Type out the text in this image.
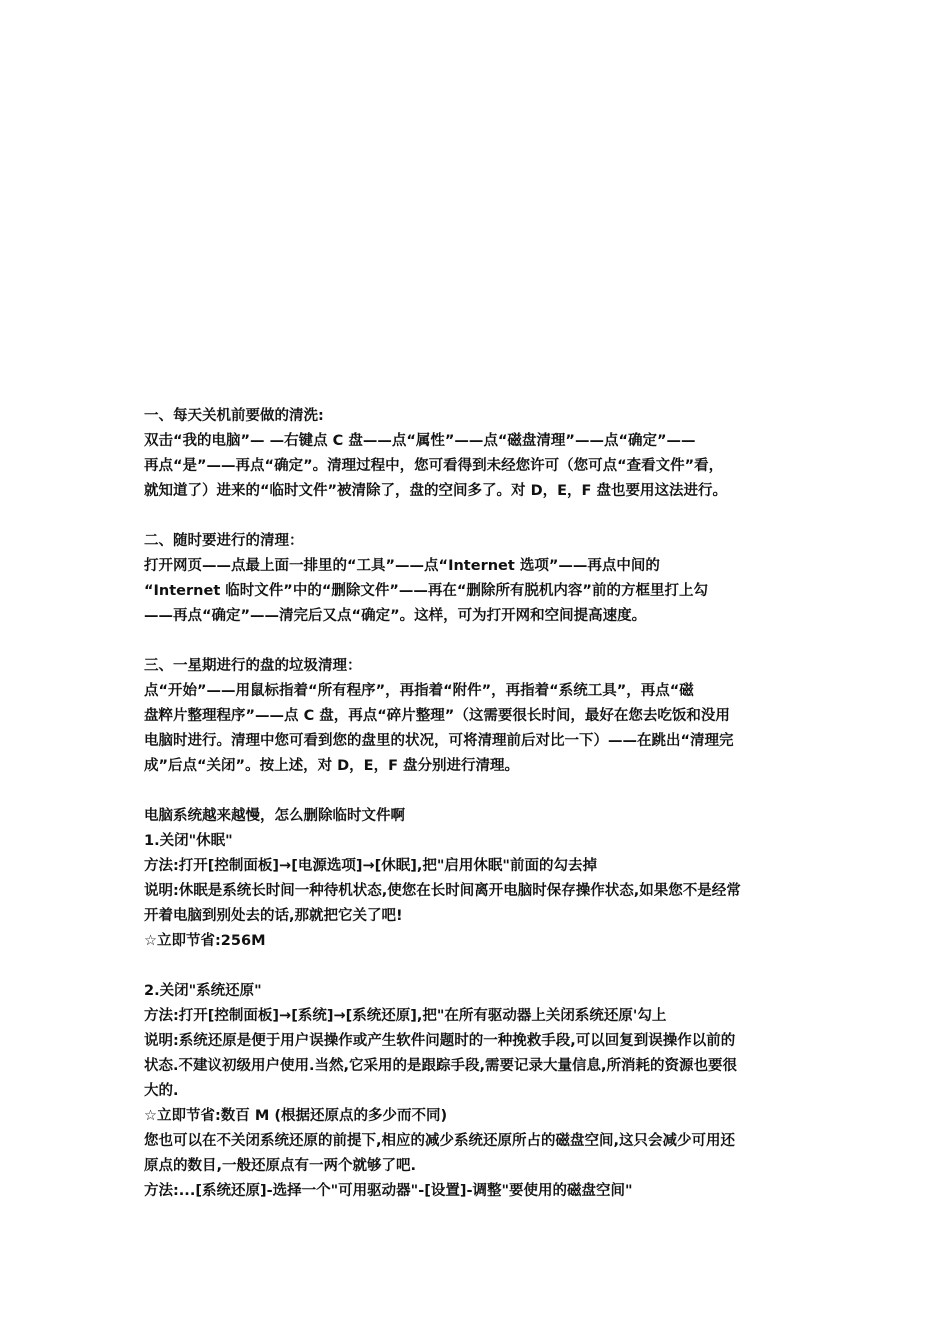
一、每天关机前要做的清洗:
双击“我的电脑”— —右键点 C 盘——点“属性”——点“磁盘清理”——点“确定”——
再点“是”——再点“确定”。清理过程中，您可看得到未经您许可（您可点“查看文件”看，
就知道了）进来的“临时文件”被清除了，盘的空间多了。对 D，E，F 盘也要用这法进行。
二、随时要进行的清理：
打开网页——点最上面一排里的“工具”——点“Internet 选项”——再点中间的
“Internet 临时文件”中的“删除文件”——再在“删除所有脱机内容”前的方框里打上勾
——再点“确定”——清完后又点“确定”。这样，可为打开网和空间提高速度。
三、一星期进行的盘的垃圾清理：
点“开始”——用鼠标指着“所有程序”，再指着“附件”，再指着“系统工具”，再点“磁
盘粹片整理程序”——点 C 盘，再点“碎片整理”（这需要很长时间，最好在您去吃饭和没用
电脑时进行。清理中您可看到您的盘里的状况，可将清理前后对比一下）——在跳出“清理完
成”后点“关闭”。按上述，对 D，E，F 盘分别进行清理。
电脑系统越来越慢，怎么删除临时文件啊
1.关闭"休眠"
方法:打开[控制面板]→[电源选项]→[休眠],把"启用休眠"前面的勾去掉
说明:休眠是系统长时间一种待机状态,使您在长时间离开电脑时保存操作状态,如果您不是经常
开着电脑到别处去的话,那就把它关了吧!
☆立即节省:256M
2.关闭"系统还原"
方法:打开[控制面板]→[系统]→[系统还原],把"在所有驱动器上关闭系统还原'勾上
说明:系统还原是便于用户误操作或产生软件问题时的一种挽救手段,可以回复到误操作以前的
状态.不建议初级用户使用.当然,它采用的是跟踪手段,需要记录大量信息,所消耗的资源也要很
大的.
☆立即节省:数百 M (根据还原点的多少而不同)
您也可以在不关闭系统还原的前提下,相应的减少系统还原所占的磁盘空间,这只会减少可用还
原点的数目,一般还原点有一两个就够了吧.
方法:...[系统还原]-选择一个"可用驱动器"-[设置]-调整"要使用的磁盘空间"
